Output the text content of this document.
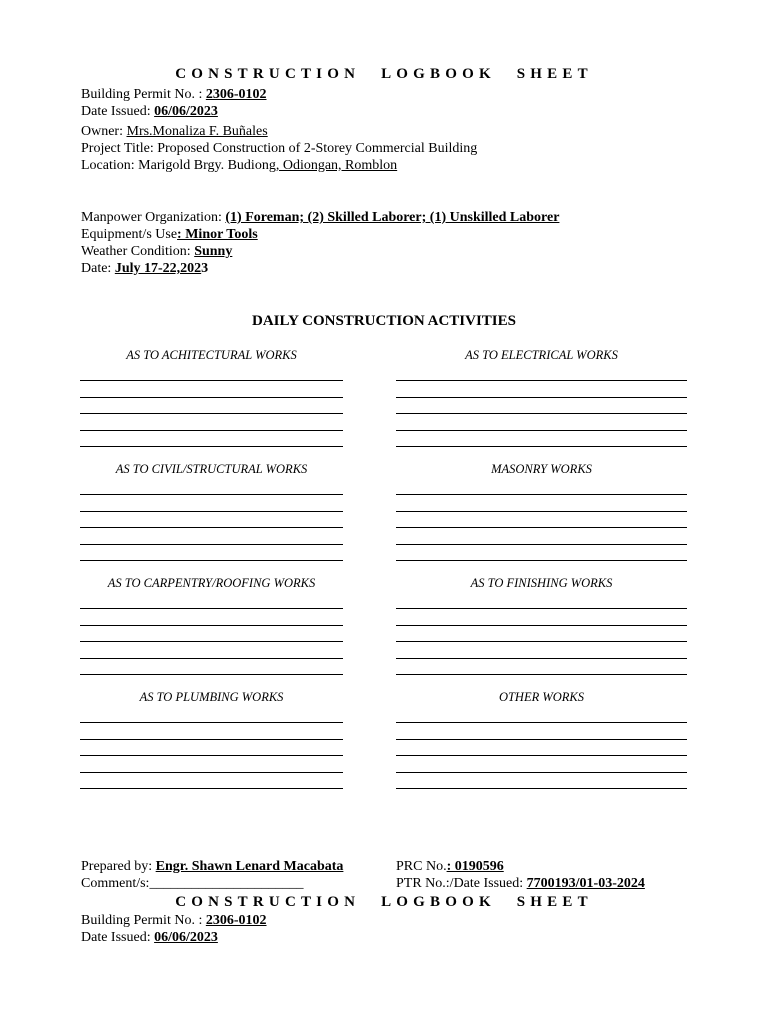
CONSTRUCTION LOGBOOK SHEET
Building Permit No. : 2306-0102
Date Issued: 06/06/2023
Owner: Mrs.Monaliza F. Buñales
Project Title: Proposed Construction of 2-Storey Commercial Building
Location: Marigold Brgy. Budiong, Odiongan, Romblon
Manpower Organization: (1) Foreman; (2) Skilled Laborer; (1) Unskilled Laborer
Equipment/s Use: Minor Tools
Weather Condition: Sunny
Date: July 17-22,2023
DAILY CONSTRUCTION ACTIVITIES
AS TO ACHITECTURAL WORKS	AS TO ELECTRICAL WORKS
AS TO CIVIL/STRUCTURAL WORKS	MASONRY WORKS
AS TO CARPENTRY/ROOFING WORKS	AS TO FINISHING WORKS
AS TO PLUMBING WORKS	OTHER WORKS
Prepared by: Engr. Shawn Lenard Macabata	PRC No.: 0190596
Comment/s:______________________	PTR No.:/Date Issued: 7700193/01-03-2024
CONSTRUCTION LOGBOOK SHEET
Building Permit No. : 2306-0102
Date Issued: 06/06/2023
